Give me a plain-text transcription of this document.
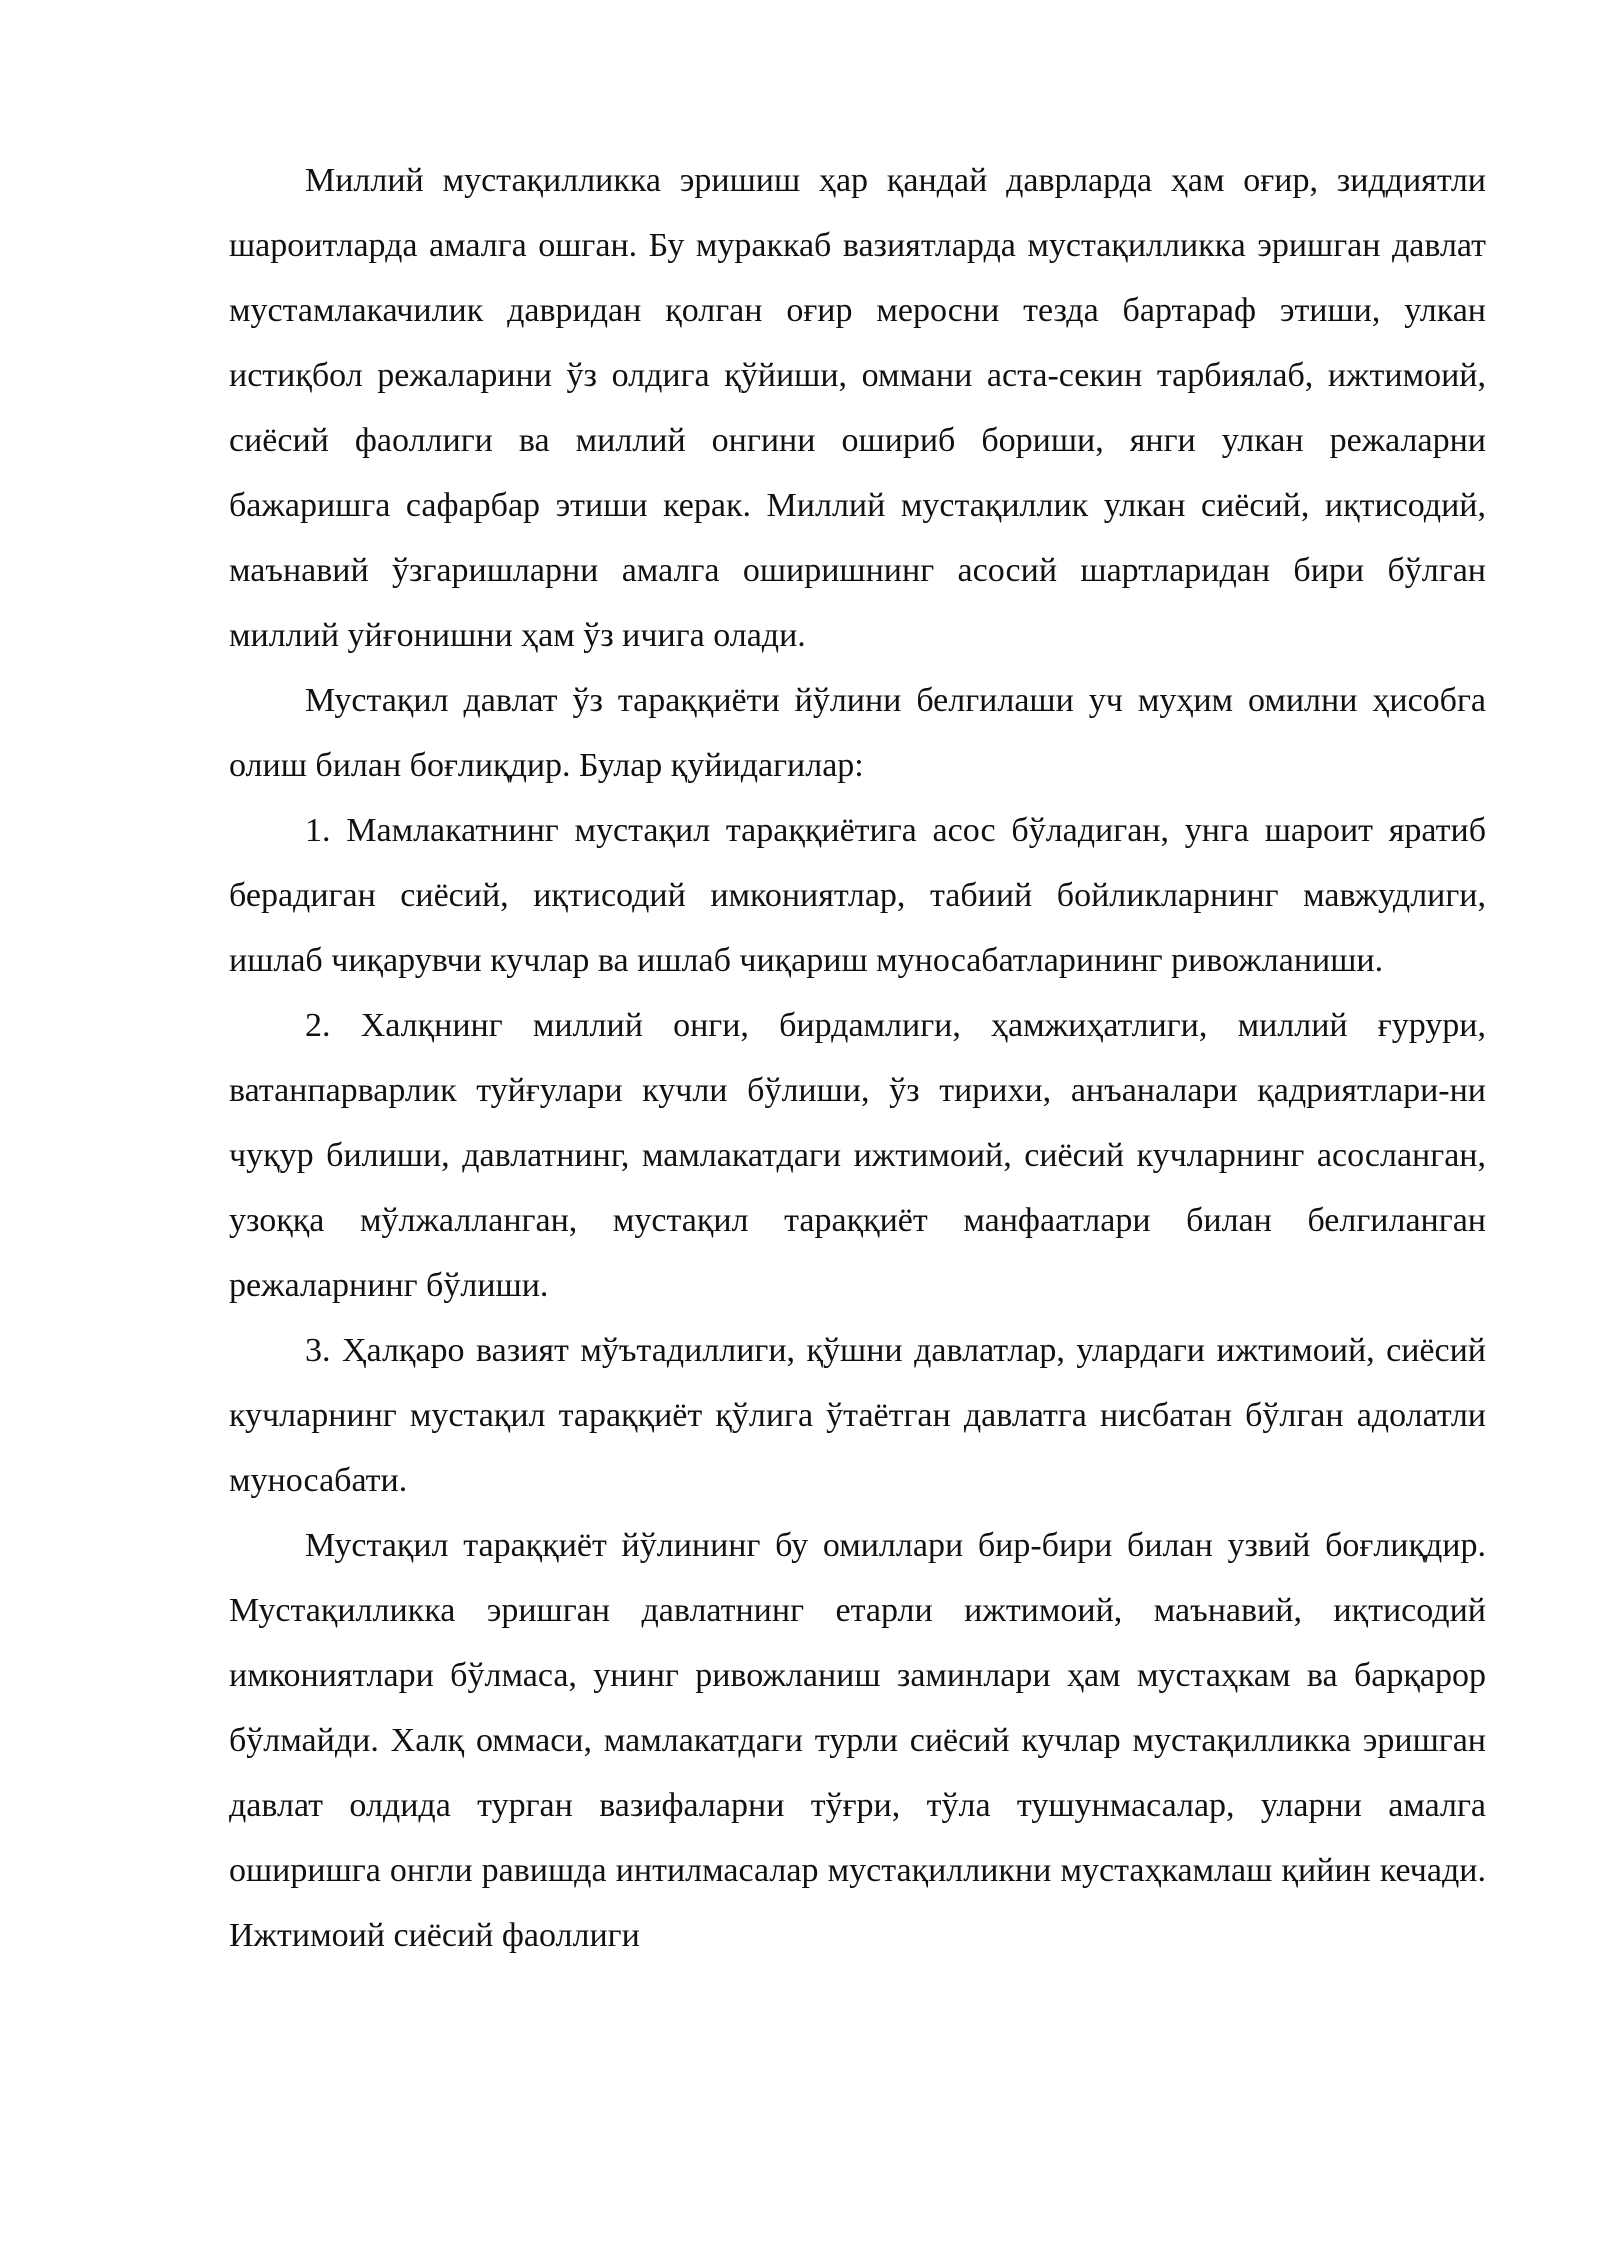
Миллий мустақилликка эришиш ҳар қандай даврларда ҳам оғир, зиддиятли шароитларда амалга ошган. Бу мураккаб вазиятларда мустақилликка эришган давлат мустамлакачилик давридан қолган оғир меросни тезда бартараф этиши, улкан истиқбол режаларини ўз олдига қўйиши, оммани аста-секин тарбиялаб, ижтимоий, сиёсий фаоллиги ва миллий онгини ошириб бориши, янги улкан режаларни бажаришга сафарбар этиши керак. Миллий мустақиллик улкан сиёсий, иқтисодий, маънавий ўзгаришларни амалга оширишнинг асосий шартларидан бири бўлган миллий уйғонишни ҳам ўз ичига олади.

Мустақил давлат ўз тараққиёти йўлини белгилаши уч муҳим омилни ҳисобга олиш билан боғлиқдир. Булар қуйидагилар:

1. Мамлакатнинг мустақил тараққиётига асос бўладиган, унга шароит яратиб берадиган сиёсий, иқтисодий имкониятлар, табиий бойликларнинг мавжудлиги, ишлаб чиқарувчи кучлар ва ишлаб чиқариш муносабатларининг ривожланиши.

2. Халқнинг миллий онги, бирдамлиги, ҳамжиҳатлиги, миллий ғурури, ватанпарварлик туйғулари кучли бўлиши, ўз тирихи, анъаналари қадриятлари-ни чуқур билиши, давлатнинг, мамлакатдаги ижтимоий, сиёсий кучларнинг асосланган, узоққа мўлжалланган, мустақил тараққиёт манфаатлари билан белгиланган режаларнинг бўлиши.

3. Ҳалқаро вазият мўътадиллиги, қўшни давлатлар, улардаги ижтимоий, сиёсий кучларнинг мустақил тараққиёт қўлига ўтаётган давлатга нисбатан бўлган адолатли муносабати.

Мустақил тараққиёт йўлининг бу омиллари бир-бири билан узвий боғлиқдир. Мустақилликка эришган давлатнинг етарли ижтимоий, маънавий, иқтисодий имкониятлари бўлмаса, унинг ривожланиш заминлари ҳам мустаҳкам ва барқарор бўлмайди. Халқ оммаси, мамлакатдаги турли сиёсий кучлар мустақилликка эришган давлат олдида турган вазифаларни тўғри, тўла тушунмасалар, уларни амалга оширишга онгли равишда интилмасалар мустақилликни мустаҳкамлаш қийин кечади. Ижтимоий сиёсий фаоллиги
